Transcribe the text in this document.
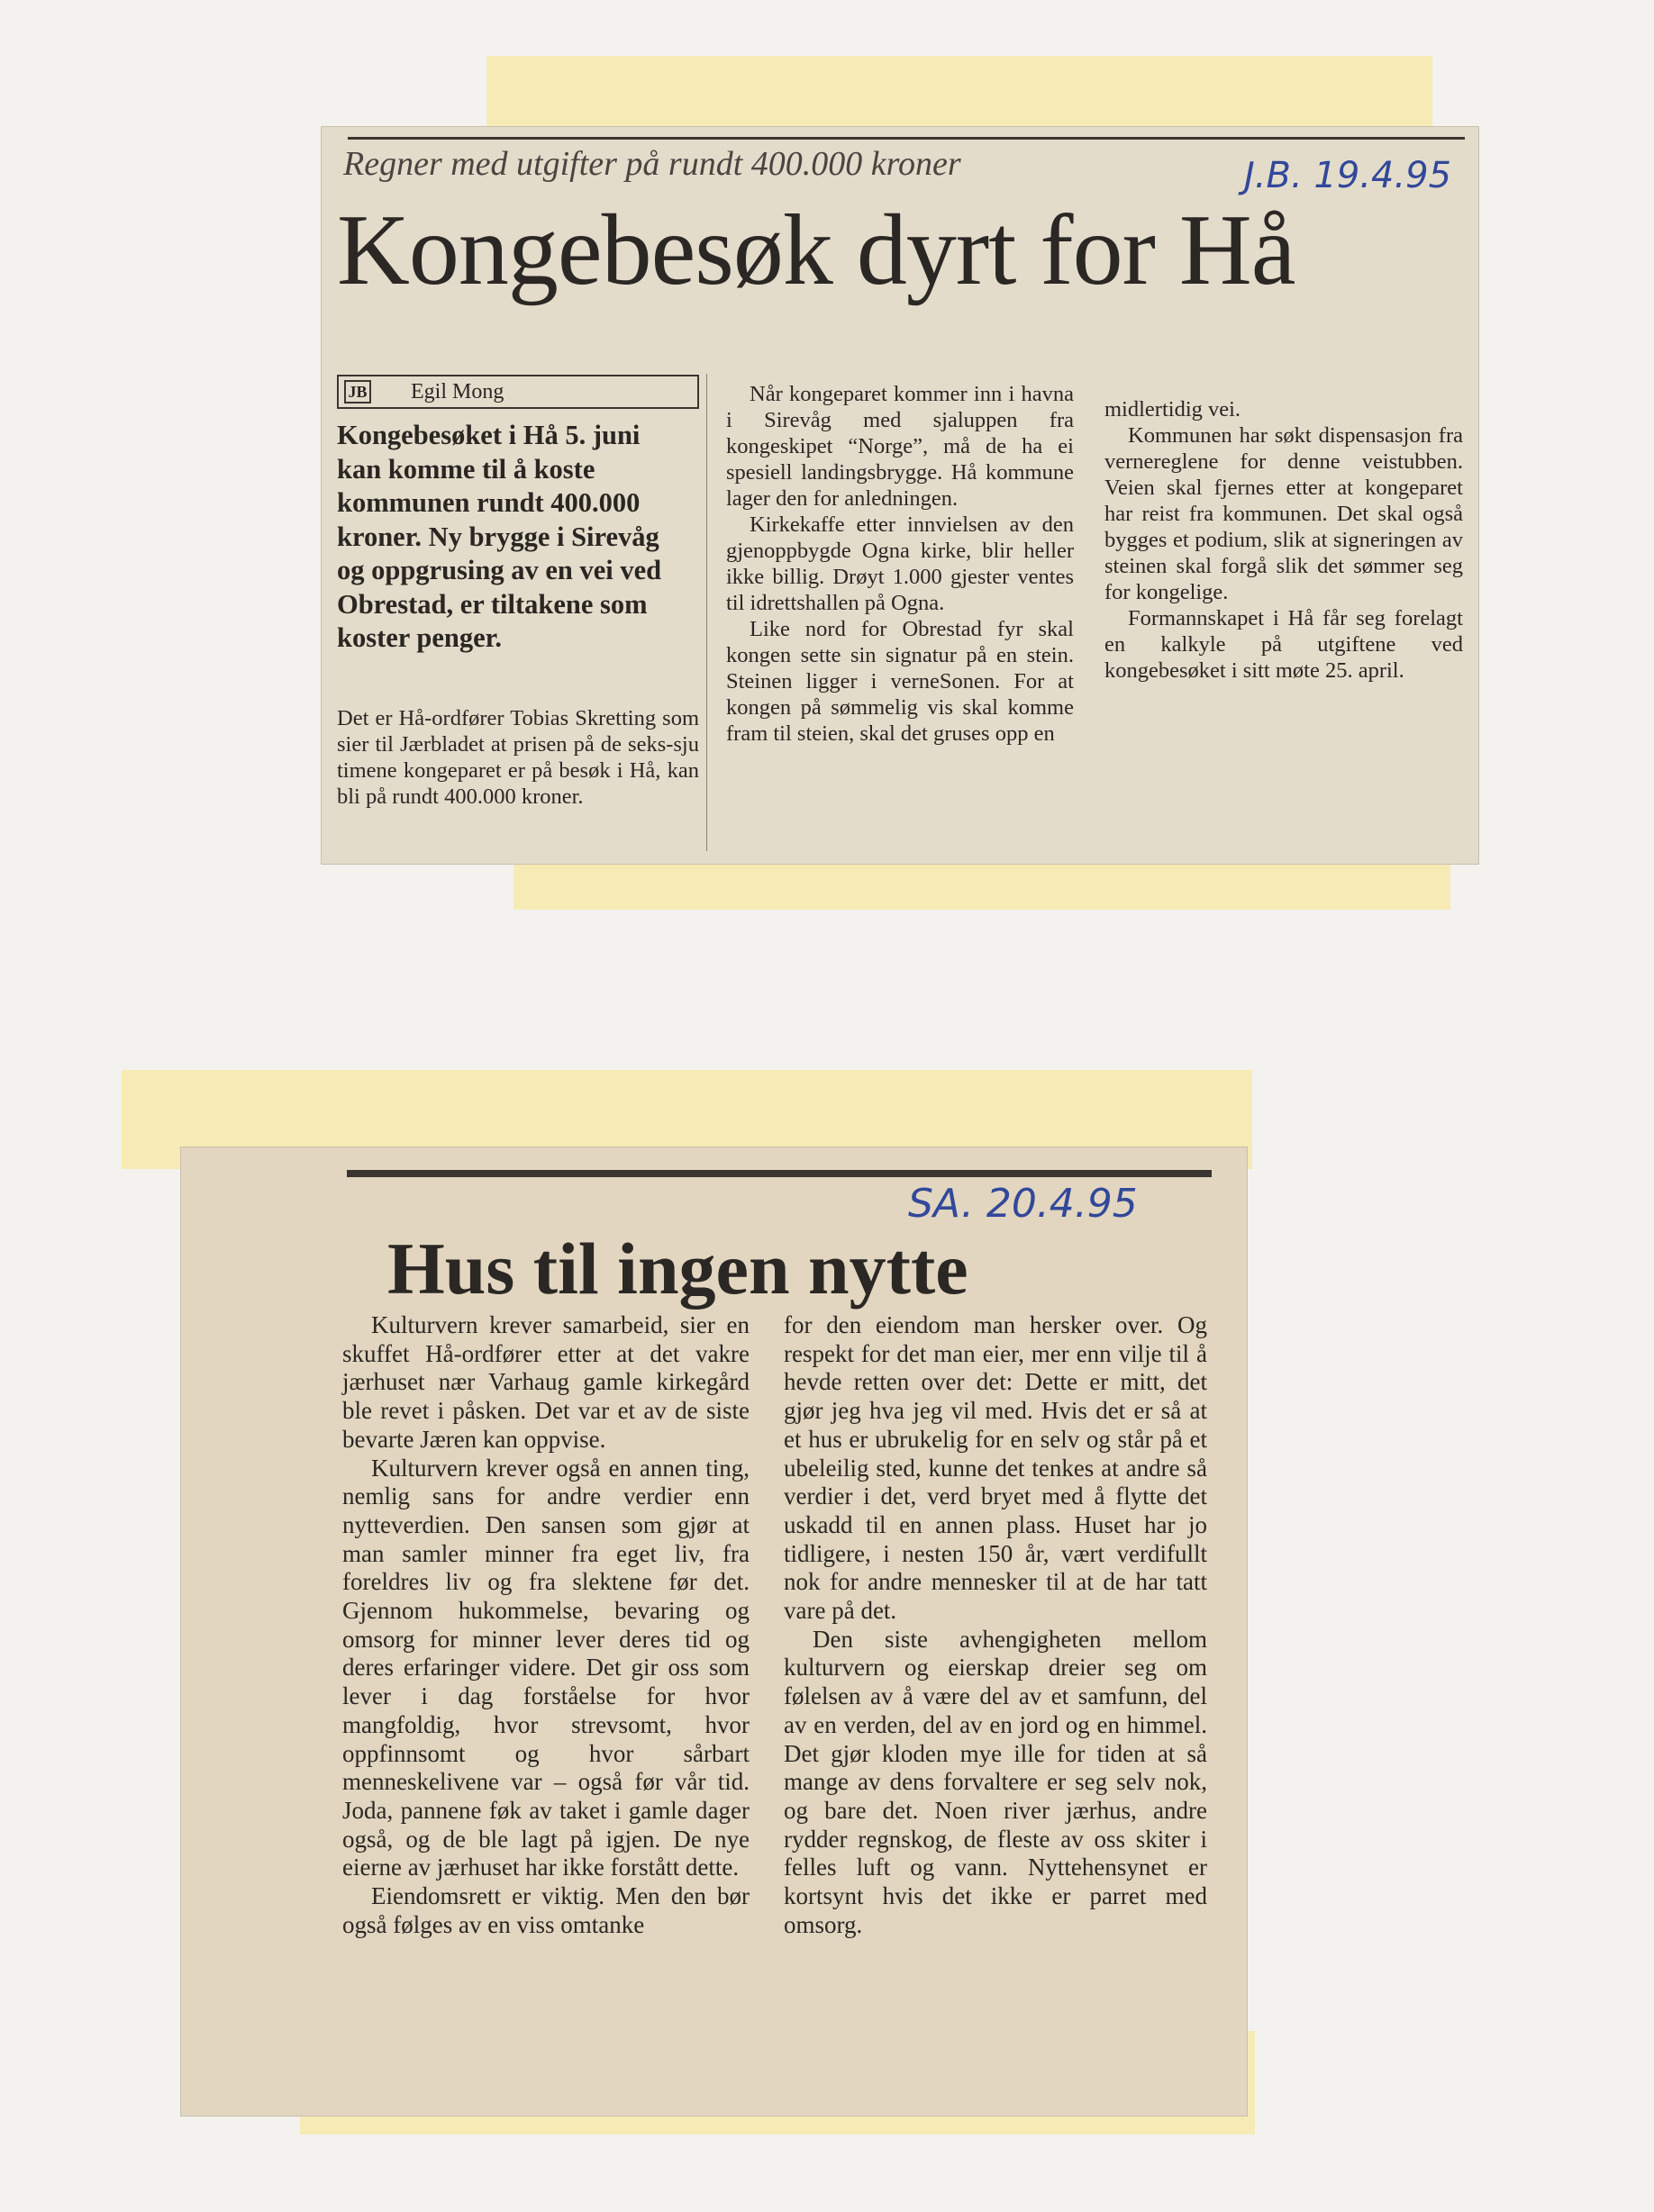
Regner med utgifter på rundt 400.000 kroner	J.B. 19.4.95
Kongebesøk dyrt for Hå
JB Egil Mong

Kongebesøket i Hå 5. juni kan komme til å koste kommunen rundt 400.000 kroner. Ny brygge i Sirevåg og oppgrusing av en vei ved Obrestad, er tiltakene som koster penger.

Det er Hå-ordfører Tobias Skretting som sier til Jærbladet at prisen på de seks-sju timene kongeparet er på besøk i Hå, kan bli på rundt 400.000 kroner.

Når kongeparet kommer inn i havna i Sirevåg med sjaluppen fra kongeskipet “Norge”, må de ha ei spesiell landingsbrygge. Hå kommune lager den for anledningen.

Kirkekaffe etter innvielsen av den gjenoppbygde Ogna kirke, blir heller ikke billig. Drøyt 1.000 gjester ventes til idrettshallen på Ogna.

Like nord for Obrestad fyr skal kongen sette sin signatur på en stein. Steinen ligger i verneSonen. For at kongen på sømmelig vis skal komme fram til steien, skal det gruses opp en

midlertidig vei.

Kommunen har søkt dispensasjon fra vernereglene for denne veistubben. Veien skal fjernes etter at kongeparet har reist fra kommunen. Det skal også bygges et podium, slik at signeringen av steinen skal forgå slik det sømmer seg for kongelige.

Formannskapet i Hå får seg forelagt en kalkyle på utgiftene ved kongebesøket i sitt møte 25. april.

SA. 20.4.95
Hus til ingen nytte

Kulturvern krever samarbeid, sier en skuffet Hå-ordfører etter at det vakre jærhuset nær Varhaug gamle kirkegård ble revet i påsken. Det var et av de siste bevarte Jæren kan oppvise.

Kulturvern krever også en annen ting, nemlig sans for andre verdier enn nytteverdien. Den sansen som gjør at man samler minner fra eget liv, fra foreldres liv og fra slektene før det. Gjennom hukommelse, bevaring og omsorg for minner lever deres tid og deres erfaringer videre. Det gir oss som lever i dag forståelse for hvor mangfoldig, hvor strevsomt, hvor oppfinnsomt og hvor sårbart menneskelivene var – også før vår tid. Joda, pannene føk av taket i gamle dager også, og de ble lagt på igjen. De nye eierne av jærhuset har ikke forstått dette.

Eiendomsrett er viktig. Men den bør også følges av en viss omtanke

for den eiendom man hersker over. Og respekt for det man eier, mer enn vilje til å hevde retten over det: Dette er mitt, det gjør jeg hva jeg vil med. Hvis det er så at et hus er ubrukelig for en selv og står på et ubeleilig sted, kunne det tenkes at andre så verdier i det, verd bryet med å flytte det uskadd til en annen plass. Huset har jo tidligere, i nesten 150 år, vært verdifullt nok for andre mennesker til at de har tatt vare på det.

Den siste avhengigheten mellom kulturvern og eierskap dreier seg om følelsen av å være del av et samfunn, del av en verden, del av en jord og en himmel. Det gjør kloden mye ille for tiden at så mange av dens forvaltere er seg selv nok, og bare det. Noen river jærhus, andre rydder regnskog, de fleste av oss skiter i felles luft og vann. Nyttehensynet er kortsynt hvis det ikke er parret med omsorg.
